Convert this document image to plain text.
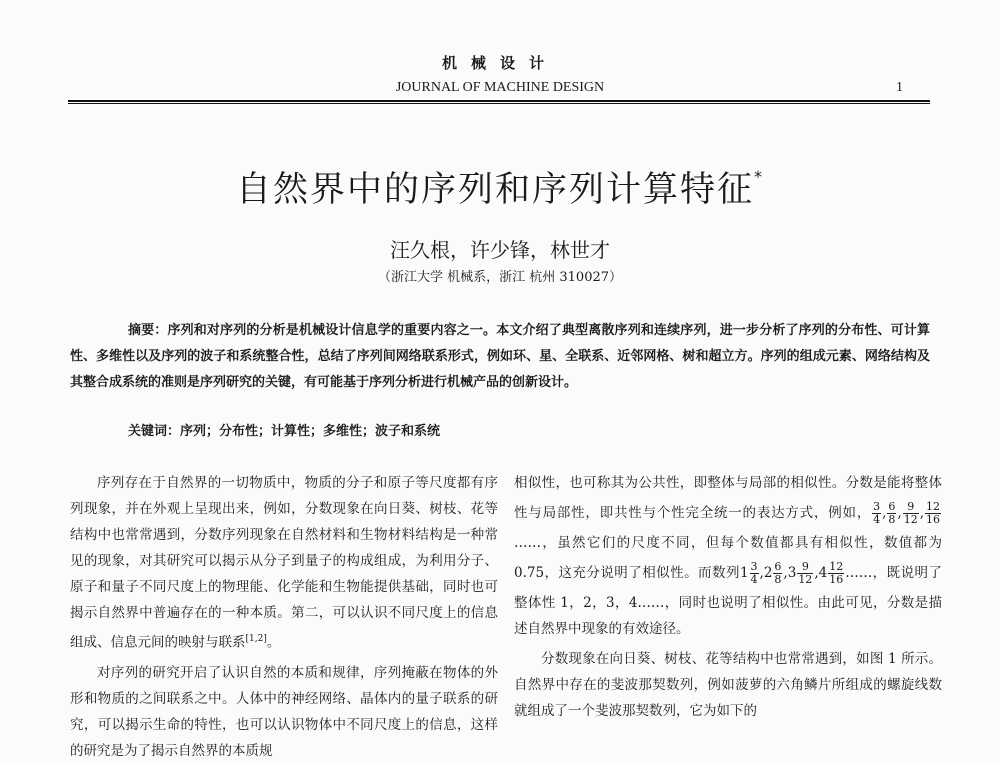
机械设计
JOURNAL OF MACHINE DESIGN	1
自然界中的序列和序列计算特征*
汪久根，许少锋，林世才
（浙江大学 机械系，浙江 杭州 310027）
摘要：序列和对序列的分析是机械设计信息学的重要内容之一。本文介绍了典型离散序列和连续序列，进一步分析了序列的分布性、可计算性、多维性以及序列的波子和系统整合性，总结了序列间网络联系形式，例如环、星、全联系、近邻网格、树和超立方。序列的组成元素、网络结构及其整合成系统的准则是序列研究的关键，有可能基于序列分析进行机械产品的创新设计。
关键词：序列；分布性；计算性；多维性；波子和系统

序列存在于自然界的一切物质中，物质的分子和原子等尺度都有序列现象，并在外观上呈现出来，例如，分数现象在向日葵、树枝、花等结构中也常常遇到，分数序列现象在自然材料和生物材料结构是一种常见的现象，对其研究可以揭示从分子到量子的构成组成，为利用分子、原子和量子不同尺度上的物理能、化学能和生物能提供基础，同时也可揭示自然界中普遍存在的一种本质。第二，可以认识不同尺度上的信息组成、信息元间的映射与联系[1,2]。

对序列的研究开启了认识自然的本质和规律，序列掩蔽在物体的外形和物质的之间联系之中。人体中的神经网络、晶体内的量子联系的研究，可以揭示生命的特性，也可以认识物体中不同尺度上的信息，这样的研究是为了揭示自然界的本质规

相似性，也可称其为公共性，即整体与局部的相似性。分数是能将整体性与局部性，即共性与个性完全统一的表达方式，例如， $\frac{3}{4}$ , $\frac{6}{8}$ , $\frac{9}{12}$ , $\frac{12}{16}$
……，虽然它们的尺度不同，但每个数值都具有相似性，数值都为 0.75，这充分说明了相似性。而数列$1 \frac{3}{4} ,2 \frac{6}{8} ,3 \frac{9}{12} ,4 \frac{12}{16}$ ……，既说明了整体性 1，2，3，4……，同时也说明了相似性。由此可见，分数是描述自然界中现象的有效途径。

分数现象在向日葵、树枝、花等结构中也常常遇到，如图 1 所示。自然界中存在的斐波那契数列，例如菠萝的六角鳞片所组成的螺旋线数就组成了一个斐波那契数列，它为如下的
